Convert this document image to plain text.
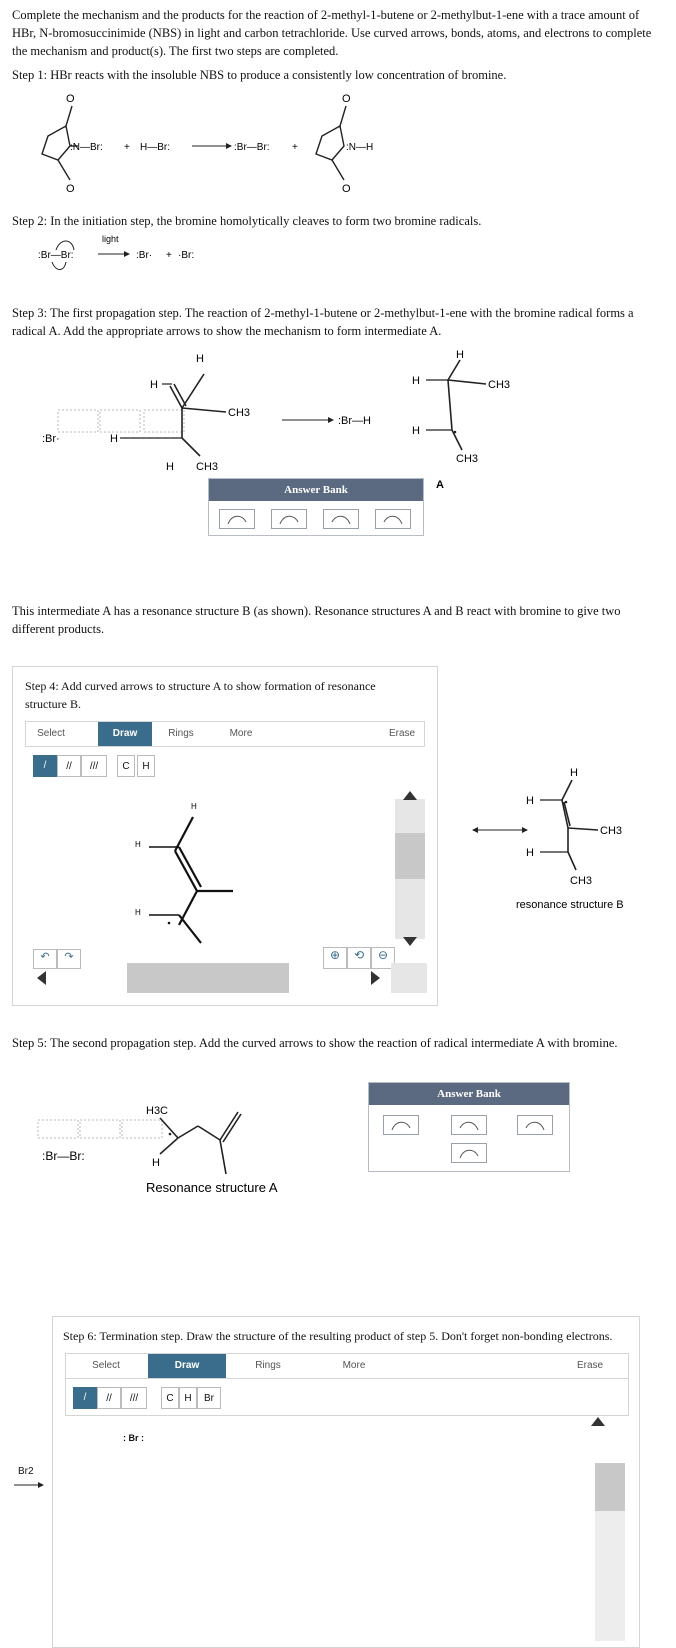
Complete the mechanism and the products for the reaction of 2-methyl-1-butene or 2-methylbut-1-ene with a trace amount of HBr, N-bromosuccinimide (NBS) in light and carbon tetrachloride. Use curved arrows, bonds, atoms, and electrons to complete the mechanism and product(s). The first two steps are completed.
Step 1: HBr reacts with the insoluble NBS to produce a consistently low concentration of bromine.
O
O
:N—Br: + H—Br:	:Br—Br: +
O
O
:N—H
Step 2: In the initiation step, the bromine homolytically cleaves to form two bromine radicals.
:Br—Br:
light
:Br· + ·Br:
Step 3: The first propagation step. The reaction of 2-methyl-1-butene or 2-methylbut-1-ene with the bromine radical forms a radical A. Add the appropriate arrows to show the mechanism to form intermediate A.
:Br·
H
H
H
H
CH3
CH3
:Br—H
H
H
H
CH3
CH3
A
Answer Bank
This intermediate A has a resonance structure B (as shown). Resonance structures A and B react with bromine to give two different products.
Step 4: Add curved arrows to structure A to show formation of resonance structure B.
Select	Draw	Rings	More	Erase
/	//	///	C	H
H
H
H
↶	↷	⊕	⟲	⊖
H
H
H
CH3
CH3
resonance structure B
Step 5: The second propagation step. Add the curved arrows to show the reaction of radical intermediate A with bromine.
:Br—Br:
H3C
H
Resonance structure A
Answer Bank
Step 6: Termination step. Draw the structure of the resulting product of step 5. Don't forget non-bonding electrons.
Select	Draw	Rings	More	Erase
/	//	///	C	H	Br
: Br :
Br2
